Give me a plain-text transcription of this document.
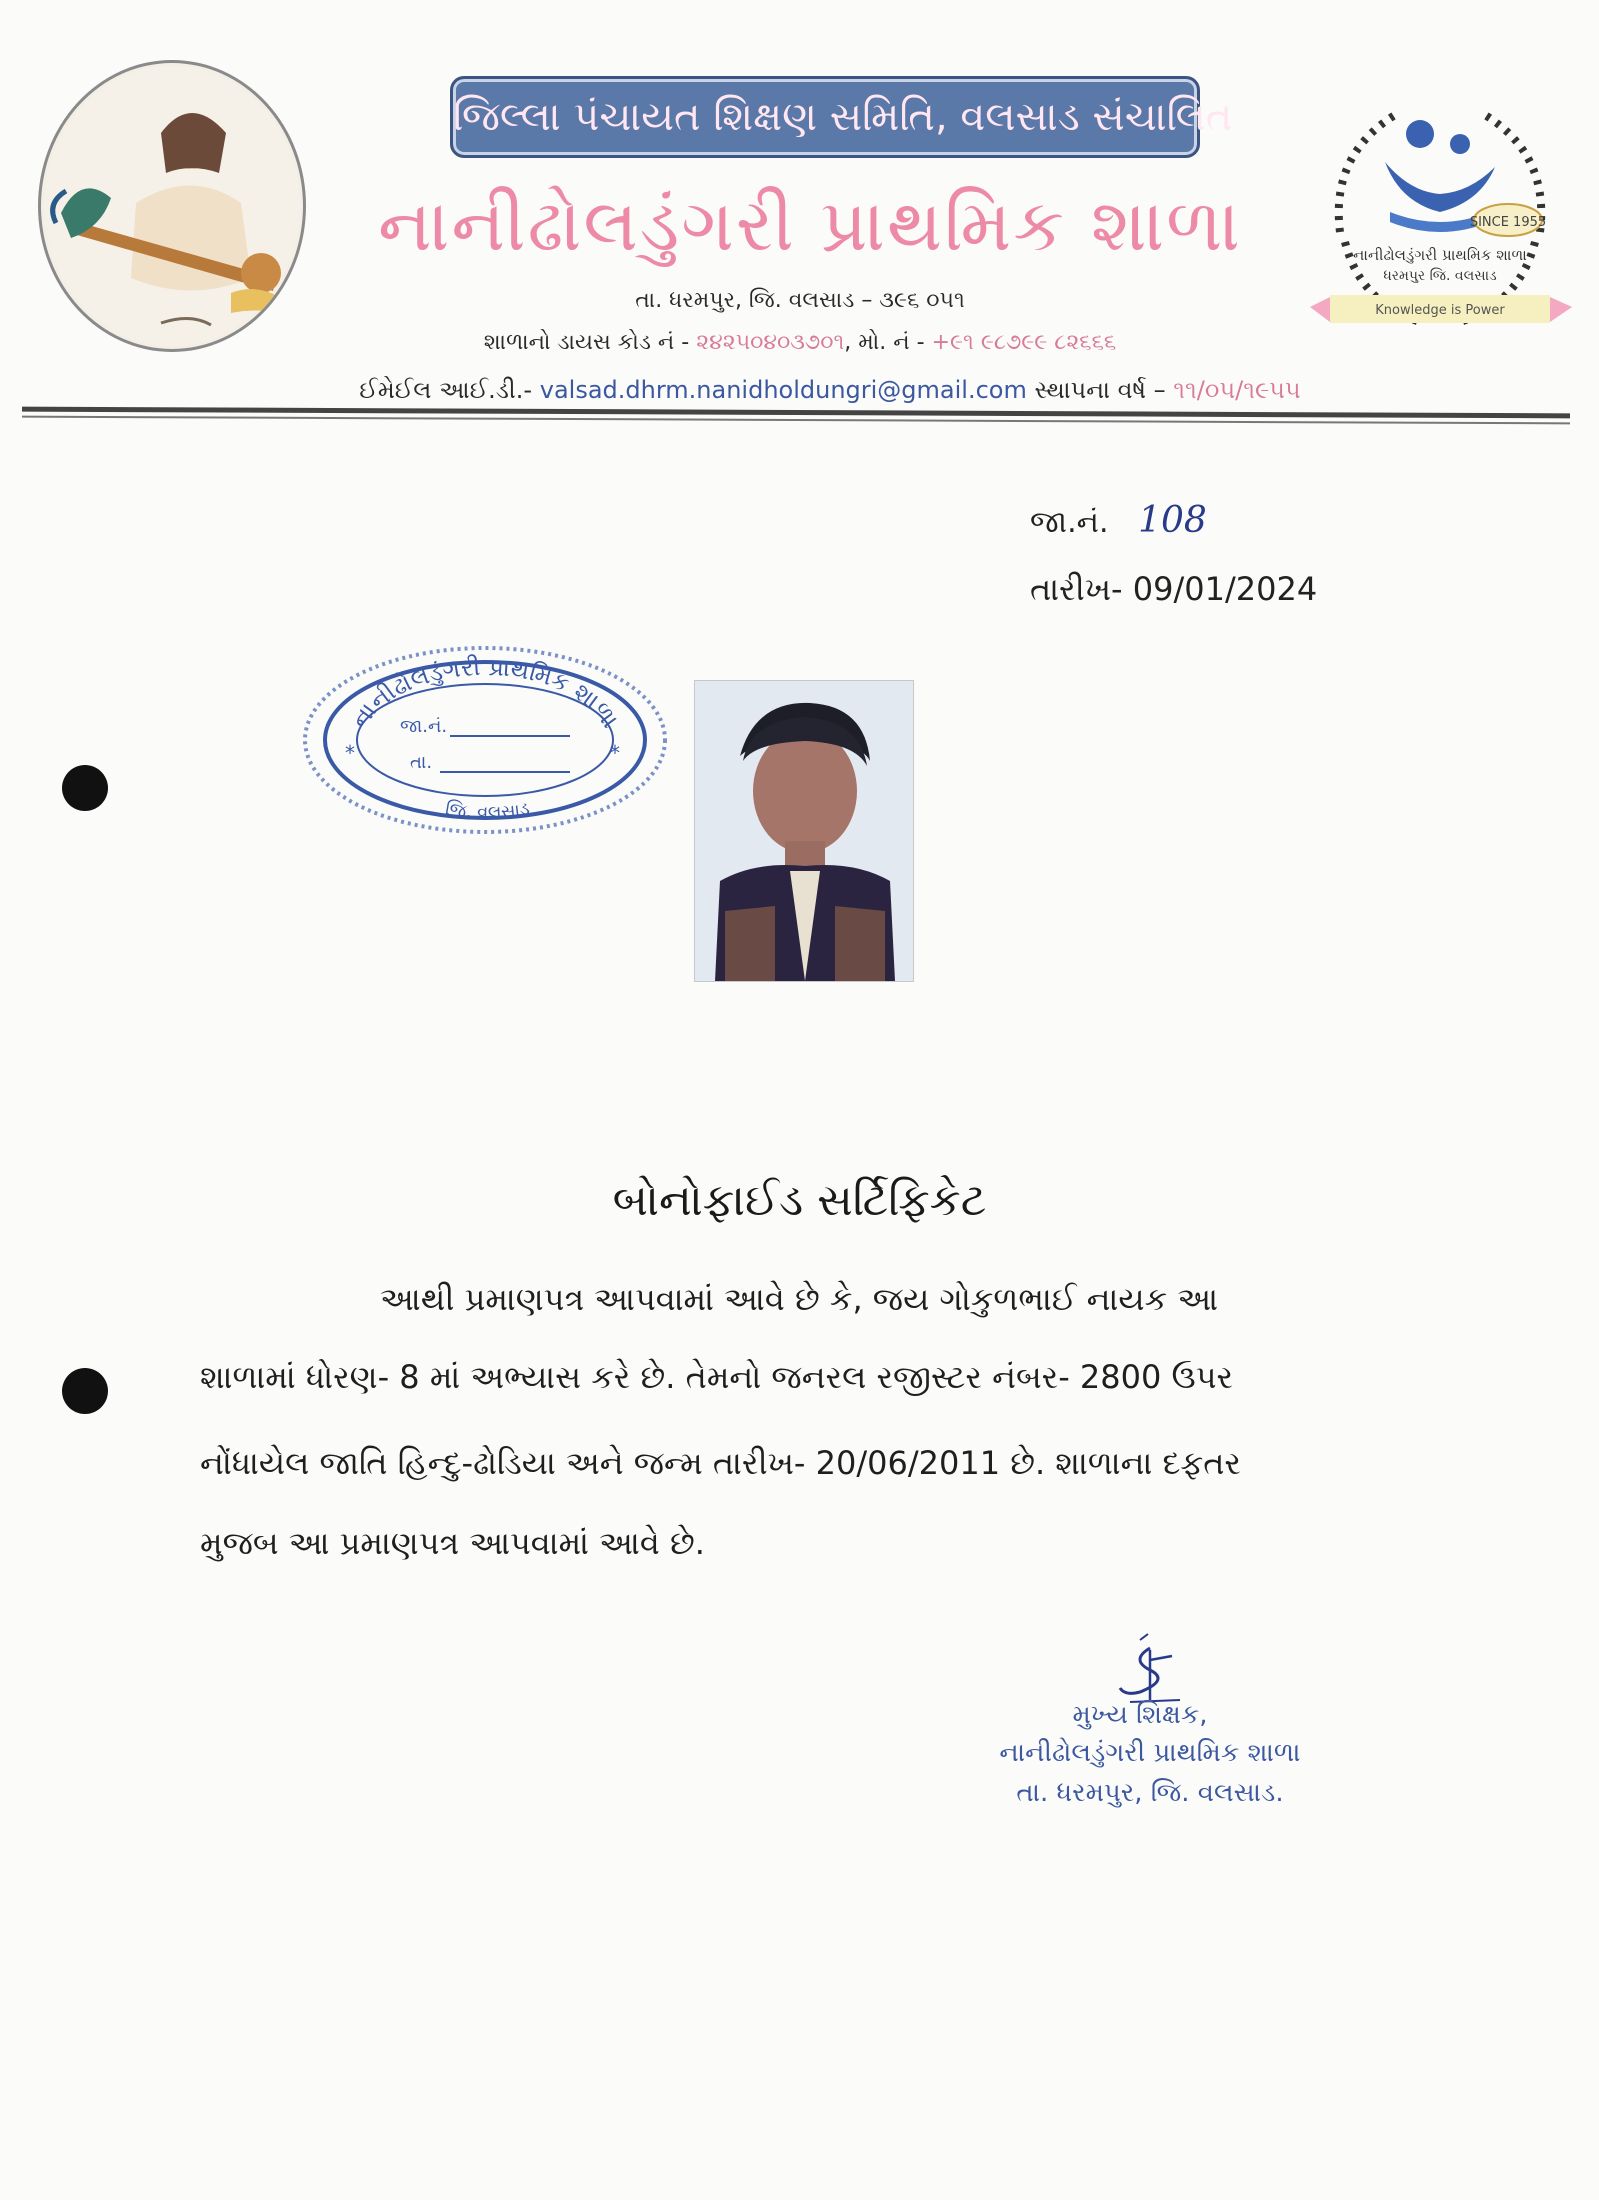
જિલ્લા પંચાયત શિક્ષણ સમિતિ, વલસાડ સંચાલિત
નાનીઢોલડુંગરી પ્રાથમિક શાળા
તા. ધરમપુર, જિ. વલસાડ – ૩૯૬ ૦૫૧
શાળાનો ડાયસ કોડ નં - ૨૪૨૫૦૪૦૩૭૦૧, મો. નં - +૯૧ ૯૮૭૯૯ ૮૨૬૬૬
ઈમેઈલ આઈ.ડી.- valsad.dhrm.nanidholdungri@gmail.com સ્થાપના વર્ષ – ૧૧/૦૫/૧૯૫૫
SINCE 1955
નાનીઢોલડુંગરી પ્રાથમિક શાળા
ધરમપુર જિ. વલસાડ
Knowledge is Power
જા.નં. 108
તારીખ- 09/01/2024
નાનીઢોલડુંગરી પ્રાથમિક શાળા
જિ. વલસાડ
જા.નં.
તા.
*	*
બોનોફાઈડ સર્ટિફિકેટ
આથી પ્રમાણપત્ર આપવામાં આવે છે કે, જય ગોકુળભાઈ નાયક આ
શાળામાં ધોરણ- 8 માં અભ્યાસ કરે છે. તેમનો જનરલ રજીસ્ટર નંબર- 2800 ઉપર
નોંધાયેલ જાતિ હિન્દુ-ઢોડિયા અને જન્મ તારીખ- 20/06/2011 છે. શાળાના દફતર
મુજબ આ પ્રમાણપત્ર આપવામાં આવે છે.
મુખ્ય શિક્ષક,
નાનીઢોલડુંગરી પ્રાથમિક શાળા
તા. ધરમપુર, જિ. વલસાડ.
